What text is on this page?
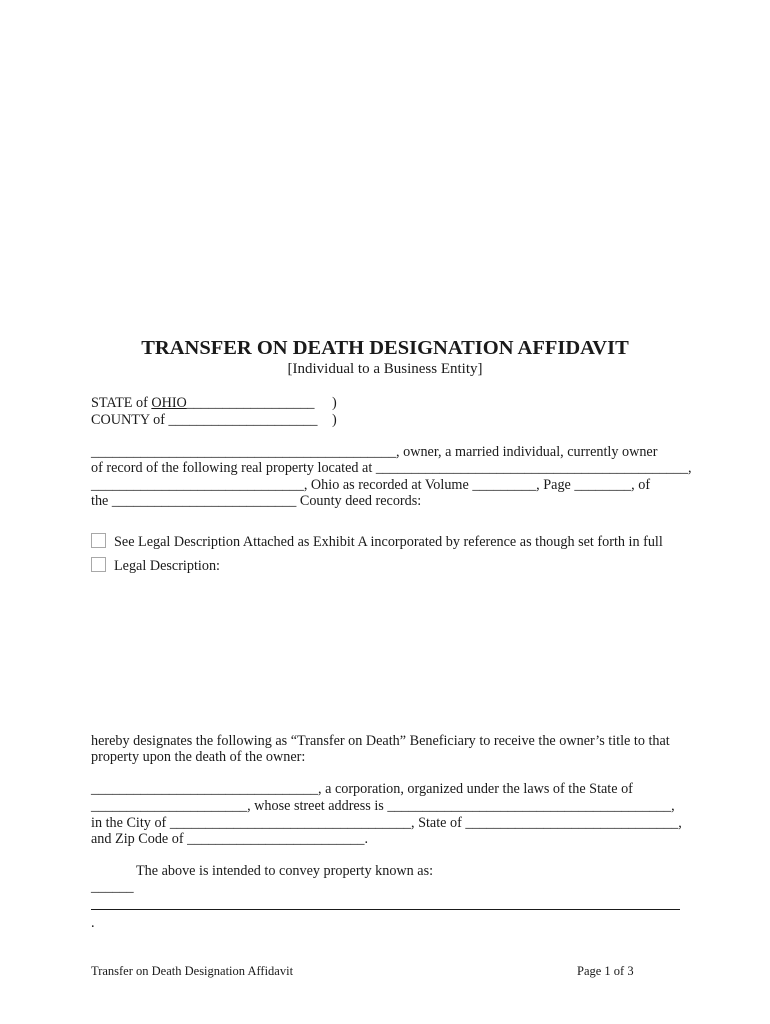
TRANSFER ON DEATH DESIGNATION AFFIDAVIT
[Individual to a Business Entity]
STATE of OHIO__________________ )
COUNTY of _____________________ )
___________________________________________, owner, a married individual, currently owner
of record of the following real property located at ____________________________________________,
______________________________, Ohio as recorded at Volume _________, Page ________, of
the __________________________ County deed records:
See Legal Description Attached as Exhibit A incorporated by reference as though set forth in full
Legal Description:
hereby designates the following as “Transfer on Death” Beneficiary to receive the owner’s title to that
property upon the death of the owner:
________________________________, a corporation, organized under the laws of the State of
______________________, whose street address is ________________________________________,
in the City of __________________________________, State of ______________________________,
and Zip Code of _________________________.
The above is intended to convey property known as:
______
.
Transfer on Death Designation Affidavit	Page 1 of 3
